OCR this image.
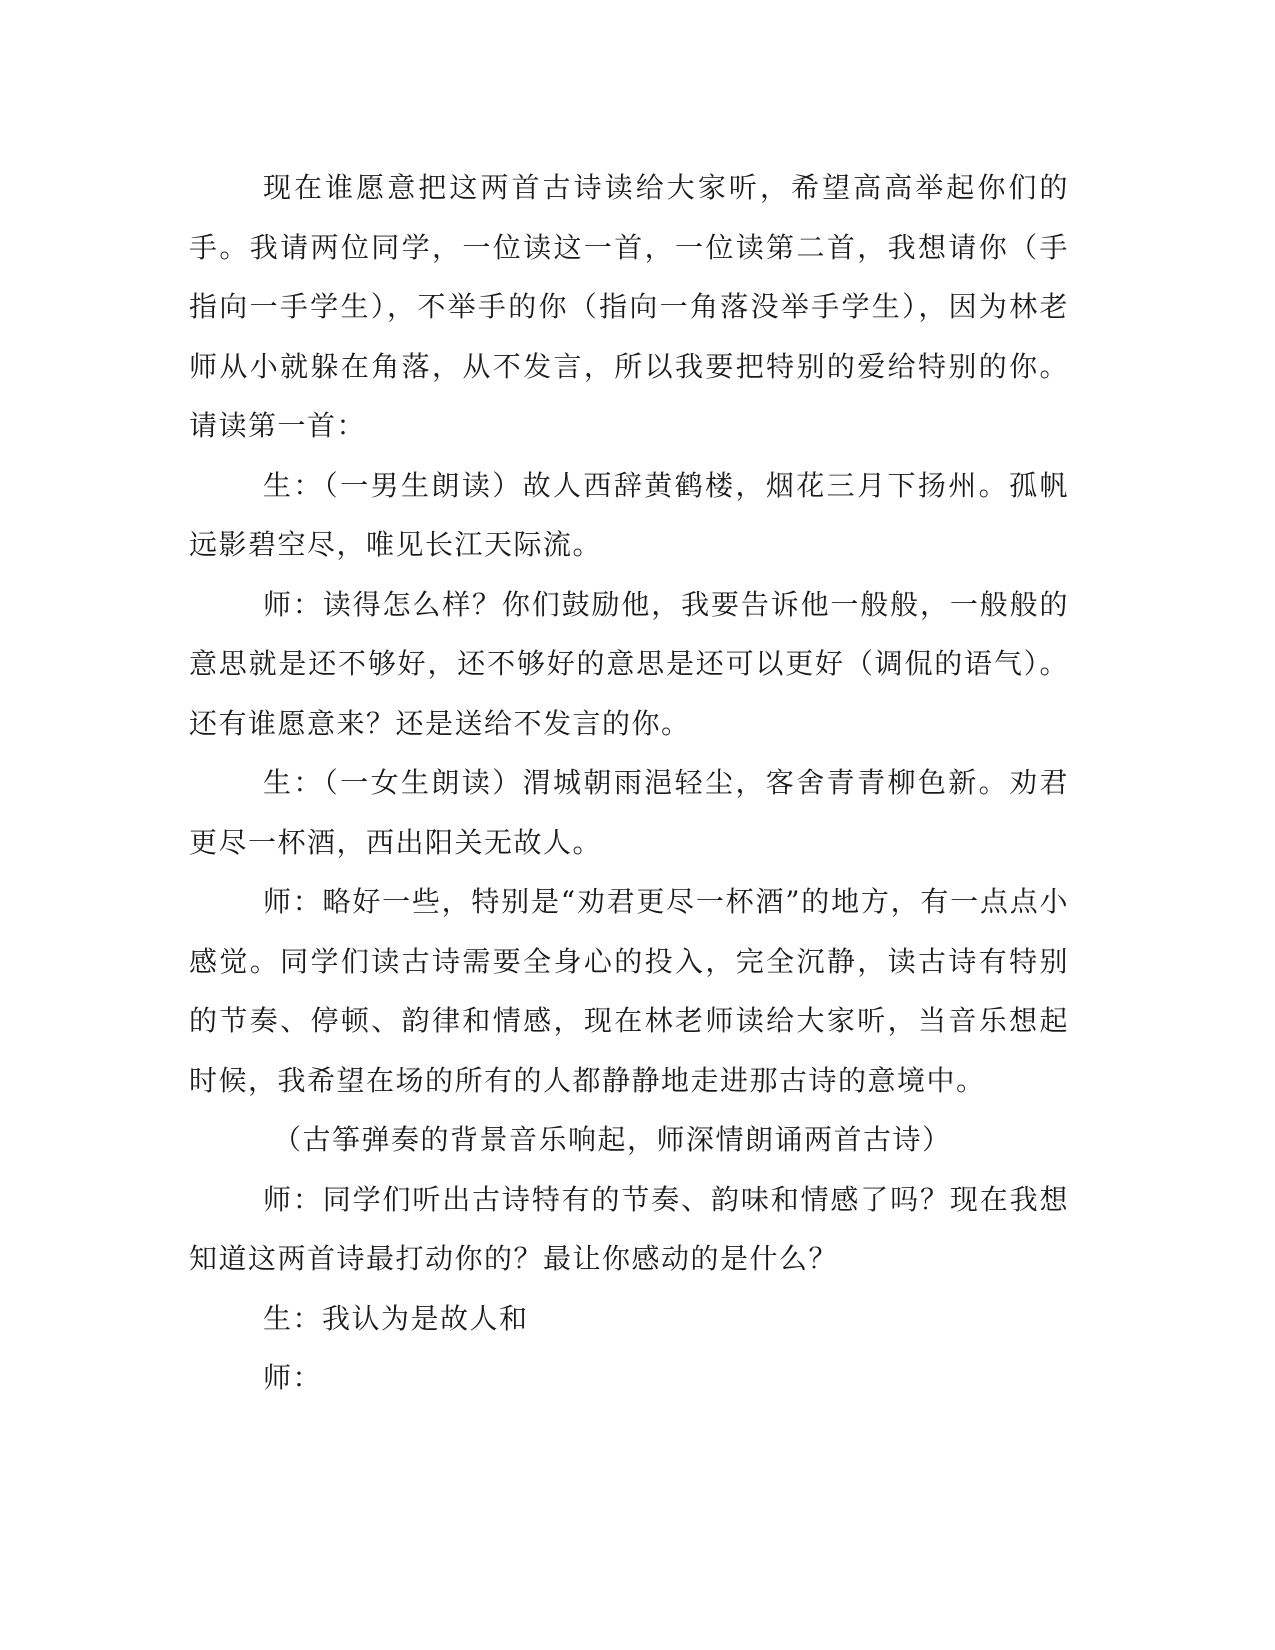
现在谁愿意把这两首古诗读给大家听，希望高高举起你们的手。我请两位同学，一位读这一首，一位读第二首，我想请你（手指向一手学生），不举手的你（指向一角落没举手学生），因为林老师从小就躲在角落，从不发言，所以我要把特别的爱给特别的你。请读第一首：

生：（一男生朗读）故人西辞黄鹤楼，烟花三月下扬州。孤帆远影碧空尽，唯见长江天际流。

师：读得怎么样？你们鼓励他，我要告诉他一般般，一般般的意思就是还不够好，还不够好的意思是还可以更好（调侃的语气）。还有谁愿意来？还是送给不发言的你。

生：（一女生朗读）渭城朝雨浥轻尘，客舍青青柳色新。劝君更尽一杯酒，西出阳关无故人。

师：略好一些，特别是“劝君更尽一杯酒”的地方，有一点点小感觉。同学们读古诗需要全身心的投入，完全沉静，读古诗有特别的节奏、停顿、韵律和情感，现在林老师读给大家听，当音乐想起时候，我希望在场的所有的人都静静地走进那古诗的意境中。

（古筝弹奏的背景音乐响起，师深情朗诵两首古诗）

师：同学们听出古诗特有的节奏、韵味和情感了吗？现在我想知道这两首诗最打动你的？最让你感动的是什么？

生：我认为是故人和

师：
